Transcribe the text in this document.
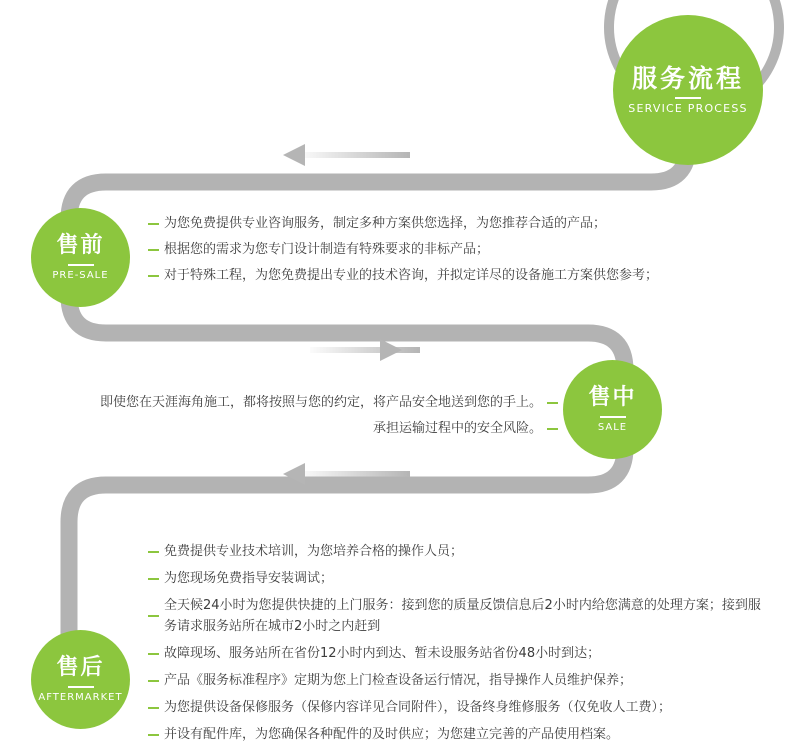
服务流程
SERVICE PROCESS
售前
PRE-SALE
为您免费提供专业咨询服务，制定多种方案供您选择，为您推荐合适的产品；
根据您的需求为您专门设计制造有特殊要求的非标产品；
对于特殊工程，为您免费提出专业的技术咨询，并拟定详尽的设备施工方案供您参考；
售中
SALE
即使您在天涯海角施工，都将按照与您的约定，将产品安全地送到您的手上。
承担运输过程中的安全风险。
售后
AFTERMARKET
免费提供专业技术培训，为您培养合格的操作人员；
为您现场免费指导安装调试；
全天候24小时为您提供快捷的上门服务：接到您的质量反馈信息后2小时内给您满意的处理方案；接到服务请求服务站所在城市2小时之内赶到
故障现场、服务站所在省份12小时内到达、暂未设服务站省份48小时到达；
产品《服务标准程序》定期为您上门检查设备运行情况，指导操作人员维护保养；
为您提供设备保修服务（保修内容详见合同附件），设备终身维修服务（仅免收人工费）；
并设有配件库，为您确保各种配件的及时供应；为您建立完善的产品使用档案。
